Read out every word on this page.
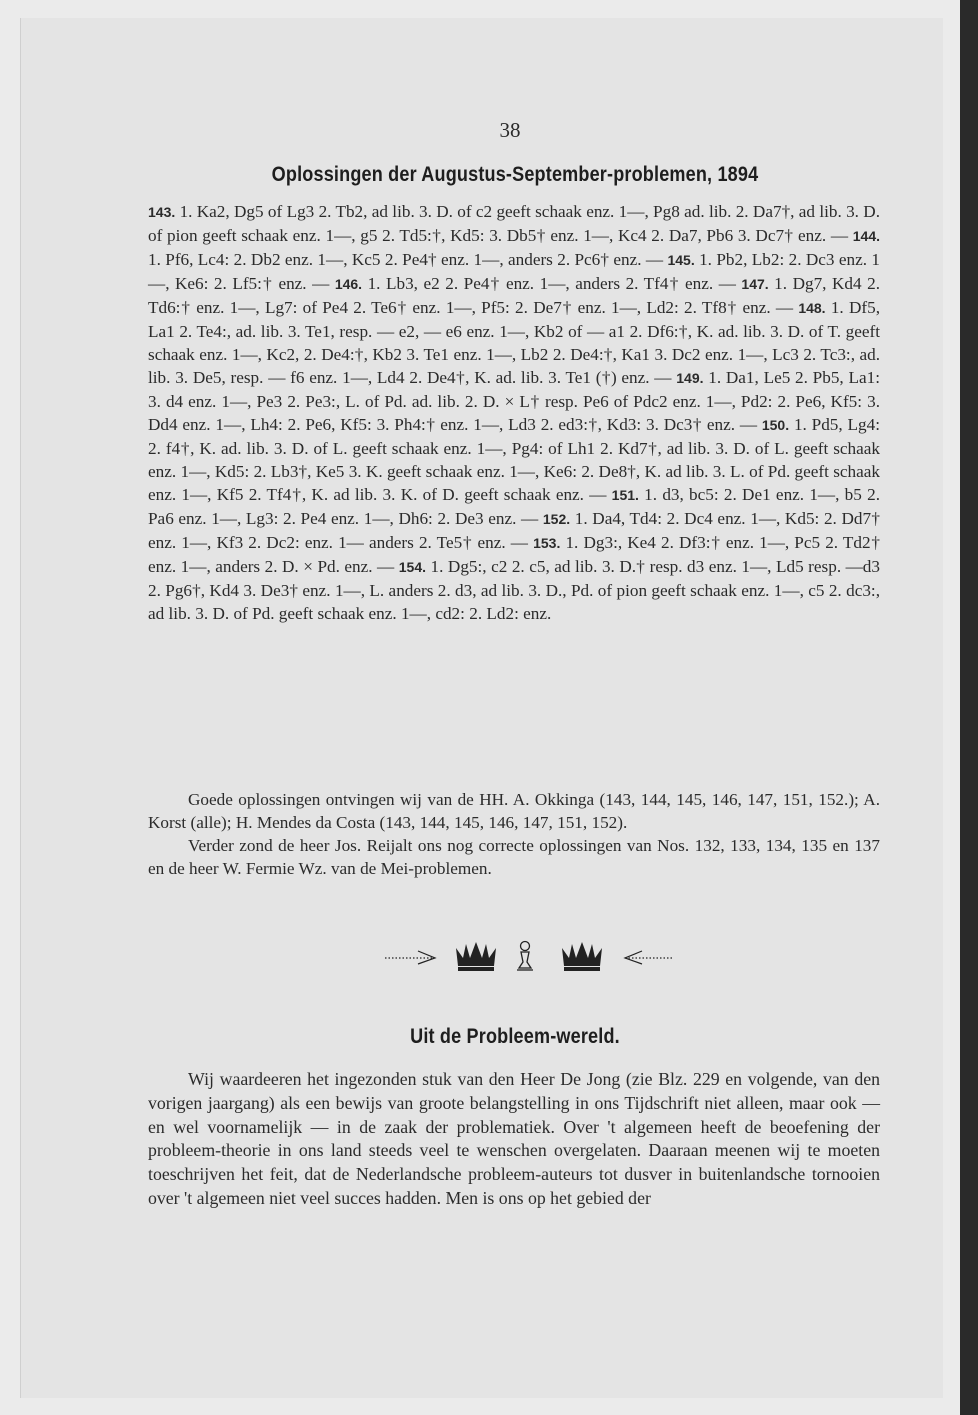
38
Oplossingen der Augustus-September-problemen, 1894
143. 1. Ka2, Dg5 of Lg3 2. Tb2, ad lib. 3. D. of c2 geeft schaak enz. 1—, Pg8 ad. lib. 2. Da7†, ad lib. 3. D. of pion geeft schaak enz. 1—, g5 2. Td5:†, Kd5: 3. Db5† enz. 1—, Kc4 2. Da7, Pb6 3. Dc7† enz. — 144. 1. Pf6, Lc4: 2. Db2 enz. 1—, Kc5 2. Pe4† enz. 1—, anders 2. Pc6† enz. — 145. 1. Pb2, Lb2: 2. Dc3 enz. 1—, Ke6: 2. Lf5:† enz. — 146. 1. Lb3, e2 2. Pe4† enz. 1—, anders 2. Tf4† enz. — 147. 1. Dg7, Kd4 2. Td6:† enz. 1—, Lg7: of Pe4 2. Te6† enz. 1—, Pf5: 2. De7† enz. 1—, Ld2: 2. Tf8† enz. — 148. 1. Df5, La1 2. Te4:, ad. lib. 3. Te1, resp. — e2, — e6 enz. 1—, Kb2 of — a1 2. Df6:†, K. ad. lib. 3. D. of T. geeft schaak enz. 1—, Kc2, 2. De4:†, Kb2 3. Te1 enz. 1—, Lb2 2. De4:†, Ka1 3. Dc2 enz. 1—, Lc3 2. Tc3:, ad. lib. 3. De5, resp. — f6 enz. 1—, Ld4 2. De4†, K. ad. lib. 3. Te1 (†) enz. — 149. 1. Da1, Le5 2. Pb5, La1: 3. d4 enz. 1—, Pe3 2. Pe3:, L. of Pd. ad. lib. 2. D. × L† resp. Pe6 of Pdc2 enz. 1—, Pd2: 2. Pe6, Kf5: 3. Dd4 enz. 1—, Lh4: 2. Pe6, Kf5: 3. Ph4:† enz. 1—, Ld3 2. ed3:†, Kd3: 3. Dc3† enz. — 150. 1. Pd5, Lg4: 2. f4†, K. ad. lib. 3. D. of L. geeft schaak enz. 1—, Pg4: of Lh1 2. Kd7†, ad lib. 3. D. of L. geeft schaak enz. 1—, Kd5: 2. Lb3†, Ke5 3. K. geeft schaak enz. 1—, Ke6: 2. De8†, K. ad lib. 3. L. of Pd. geeft schaak enz. 1—, Kf5 2. Tf4†, K. ad lib. 3. K. of D. geeft schaak enz. — 151. 1. d3, bc5: 2. De1 enz. 1—, b5 2. Pa6 enz. 1—, Lg3: 2. Pe4 enz. 1—, Dh6: 2. De3 enz. — 152. 1. Da4, Td4: 2. Dc4 enz. 1—, Kd5: 2. Dd7† enz. 1—, Kf3 2. Dc2: enz. 1— anders 2. Te5† enz. — 153. 1. Dg3:, Ke4 2. Df3:† enz. 1—, Pc5 2. Td2† enz. 1—, anders 2. D. × Pd. enz. — 154. 1. Dg5:, c2 2. c5, ad lib. 3. D.† resp. d3 enz. 1—, Ld5 resp. —d3 2. Pg6†, Kd4 3. De3† enz. 1—, L. anders 2. d3, ad lib. 3. D., Pd. of pion geeft schaak enz. 1—, c5 2. dc3:, ad lib. 3. D. of Pd. geeft schaak enz. 1—, cd2: 2. Ld2: enz.
Goede oplossingen ontvingen wij van de HH. A. Okkinga (143, 144, 145, 146, 147, 151, 152.); A. Korst (alle); H. Mendes da Costa (143, 144, 145, 146, 147, 151, 152).
Verder zond de heer Jos. Reijalt ons nog correcte oplossingen van Nos. 132, 133, 134, 135 en 137 en de heer W. Fermie Wz. van de Mei-problemen.
Uit de Probleem-wereld.
Wij waardeeren het ingezonden stuk van den Heer De Jong (zie Blz. 229 en volgende, van den vorigen jaargang) als een bewijs van groote belangstelling in ons Tijdschrift niet alleen, maar ook — en wel voornamelijk — in de zaak der problematiek. Over 't algemeen heeft de beoefening der probleem-theorie in ons land steeds veel te wenschen overgelaten. Daaraan meenen wij te moeten toeschrijven het feit, dat de Nederlandsche probleem-auteurs tot dusver in buitenlandsche tornooien over 't algemeen niet veel succes hadden. Men is ons op het gebied der
